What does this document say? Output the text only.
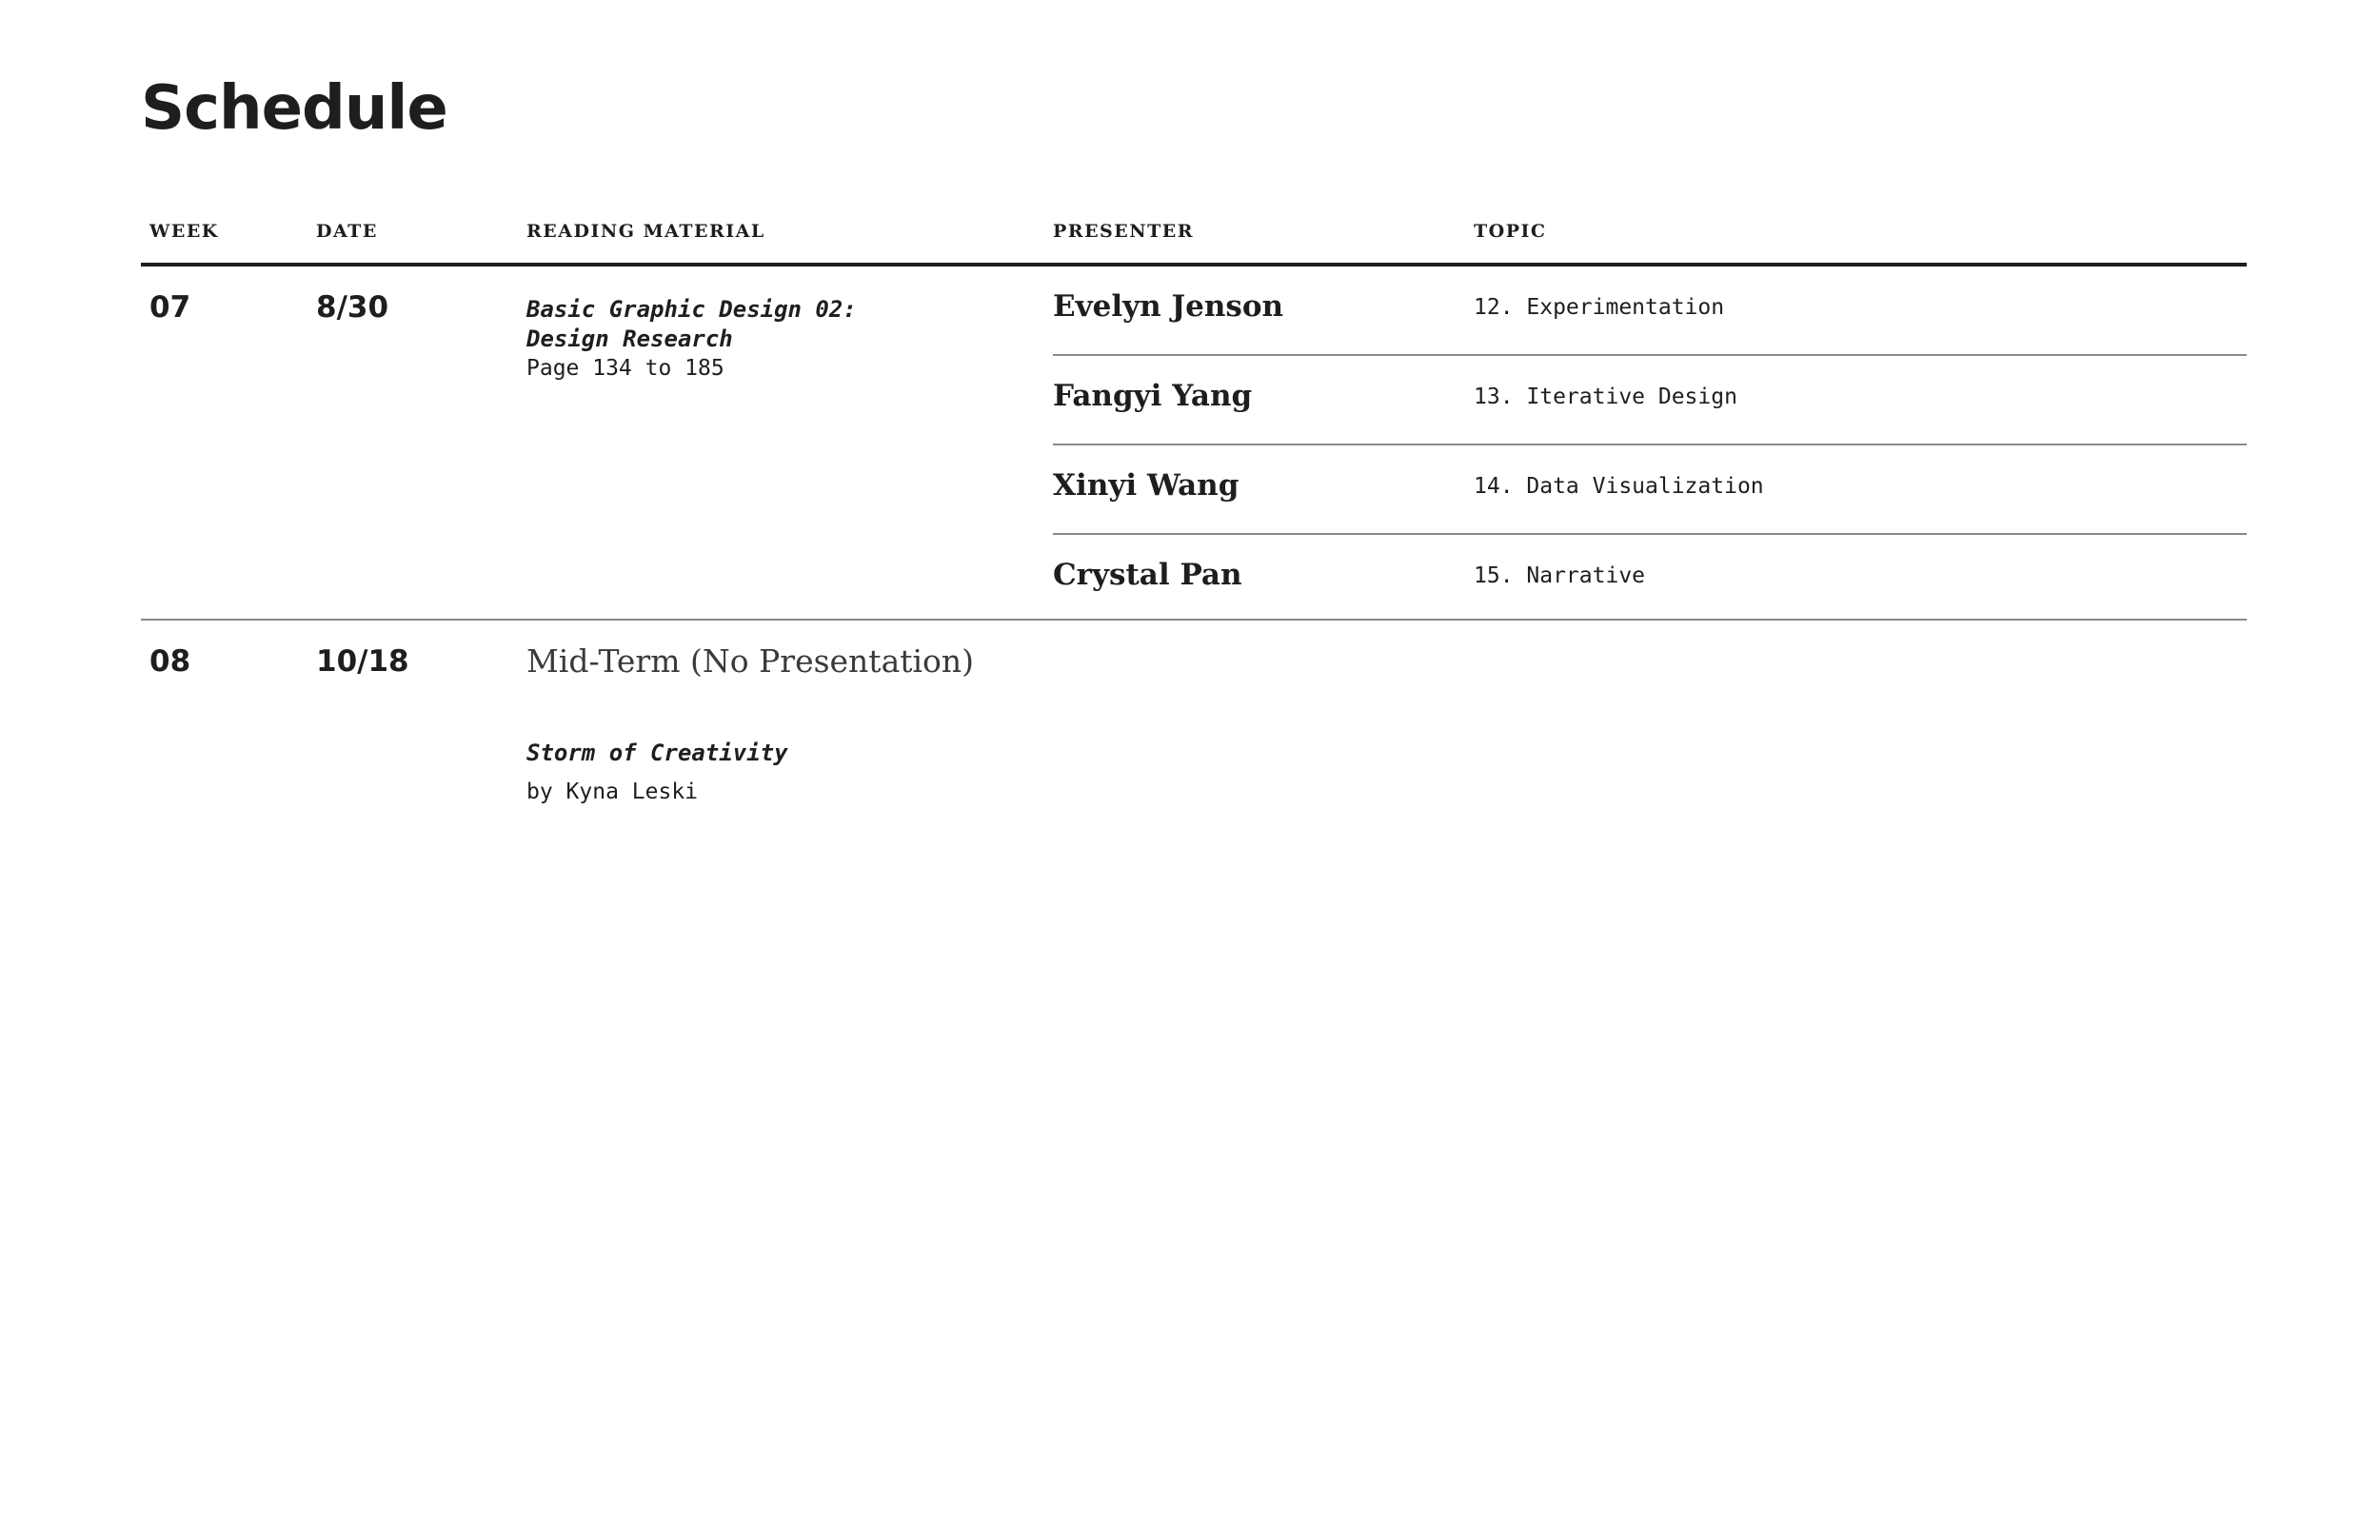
Schedule
WEEK	DATE	READING MATERIAL	PRESENTER	TOPIC
07	8/30	Basic Graphic Design 02:
Design Research
Page 134 to 185
Evelyn Jenson	12. Experimentation
Fangyi Yang	13. Iterative Design
Xinyi Wang	14. Data Visualization
Crystal Pan	15. Narrative
08	10/18	Mid-Term (No Presentation)
Storm of Creativity
by Kyna Leski
